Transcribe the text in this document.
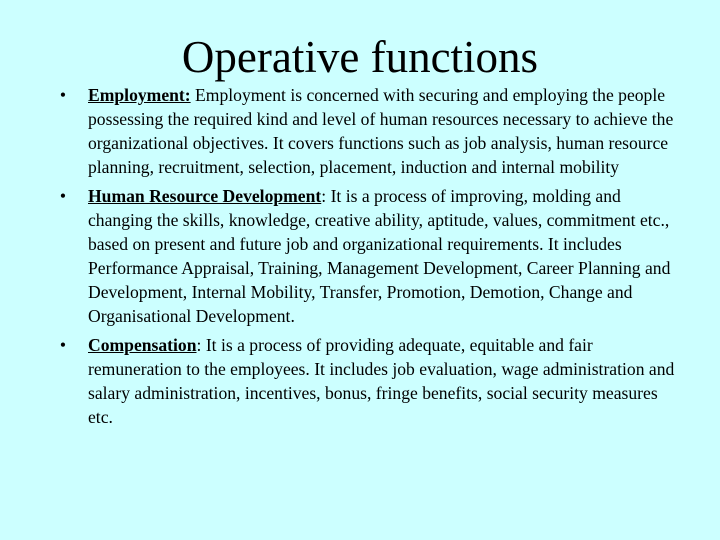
Operative functions
• Employment: Employment is concerned with securing and employing the people possessing the required kind and level of human resources necessary to achieve the organizational objectives. It covers functions such as job analysis, human resource planning, recruitment, selection, placement, induction and internal mobility
• Human Resource Development: It is a process of improving, molding and changing the skills, knowledge, creative ability, aptitude, values, commitment etc., based on present and future job and organizational requirements. It includes Performance Appraisal, Training, Management Development, Career Planning and Development, Internal Mobility, Transfer, Promotion, Demotion, Change and Organisational Development.
• Compensation: It is a process of providing adequate, equitable and fair remuneration to the employees. It includes job evaluation, wage administration and salary administration, incentives, bonus, fringe benefits, social security measures etc.
